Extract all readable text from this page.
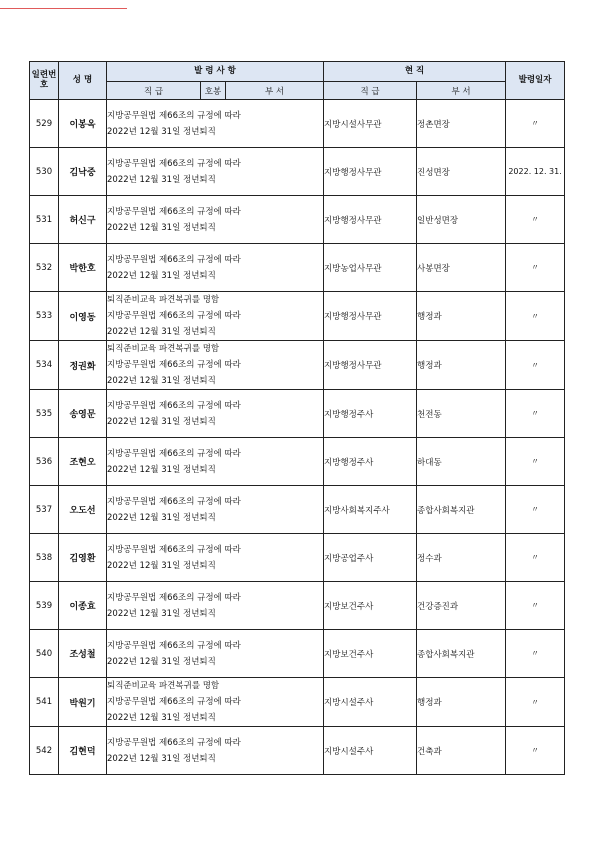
일련번호	성 명	발 령 사 항			현 직		발령일자
		직 급	호봉	부 서	직 급	부 서	
529	이봉옥	지방공무원법 제66조의 규정에 따라
2022년 12월 31일 정년퇴직			지방시설사무관	정촌면장	〃
530	김낙중	지방공무원법 제66조의 규정에 따라
2022년 12월 31일 정년퇴직			지방행정사무관	진성면장	2022. 12. 31.
531	허신구	지방공무원법 제66조의 규정에 따라
2022년 12월 31일 정년퇴직			지방행정사무관	일반성면장	〃
532	박한호	지방공무원법 제66조의 규정에 따라
2022년 12월 31일 정년퇴직			지방농업사무관	사봉면장	〃
533	이영동	퇴직준비교육 파견복귀를 명함
지방공무원법 제66조의 규정에 따라
2022년 12월 31일 정년퇴직			지방행정사무관	행정과	〃
534	정권화	퇴직준비교육 파견복귀를 명함
지방공무원법 제66조의 규정에 따라
2022년 12월 31일 정년퇴직			지방행정사무관	행정과	〃
535	송영문	지방공무원법 제66조의 규정에 따라
2022년 12월 31일 정년퇴직			지방행정주사	천전동	〃
536	조현오	지방공무원법 제66조의 규정에 따라
2022년 12월 31일 정년퇴직			지방행정주사	하대동	〃
537	오도선	지방공무원법 제66조의 규정에 따라
2022년 12월 31일 정년퇴직			지방사회복지주사	종합사회복지관	〃
538	김영환	지방공무원법 제66조의 규정에 따라
2022년 12월 31일 정년퇴직			지방공업주사	정수과	〃
539	이종효	지방공무원법 제66조의 규정에 따라
2022년 12월 31일 정년퇴직			지방보건주사	건강증진과	〃
540	조성철	지방공무원법 제66조의 규정에 따라
2022년 12월 31일 정년퇴직			지방보건주사	종합사회복지관	〃
541	박원기	퇴직준비교육 파견복귀를 명함
지방공무원법 제66조의 규정에 따라
2022년 12월 31일 정년퇴직			지방시설주사	행정과	〃
542	김현덕	지방공무원법 제66조의 규정에 따라
2022년 12월 31일 정년퇴직			지방시설주사	건축과	〃
